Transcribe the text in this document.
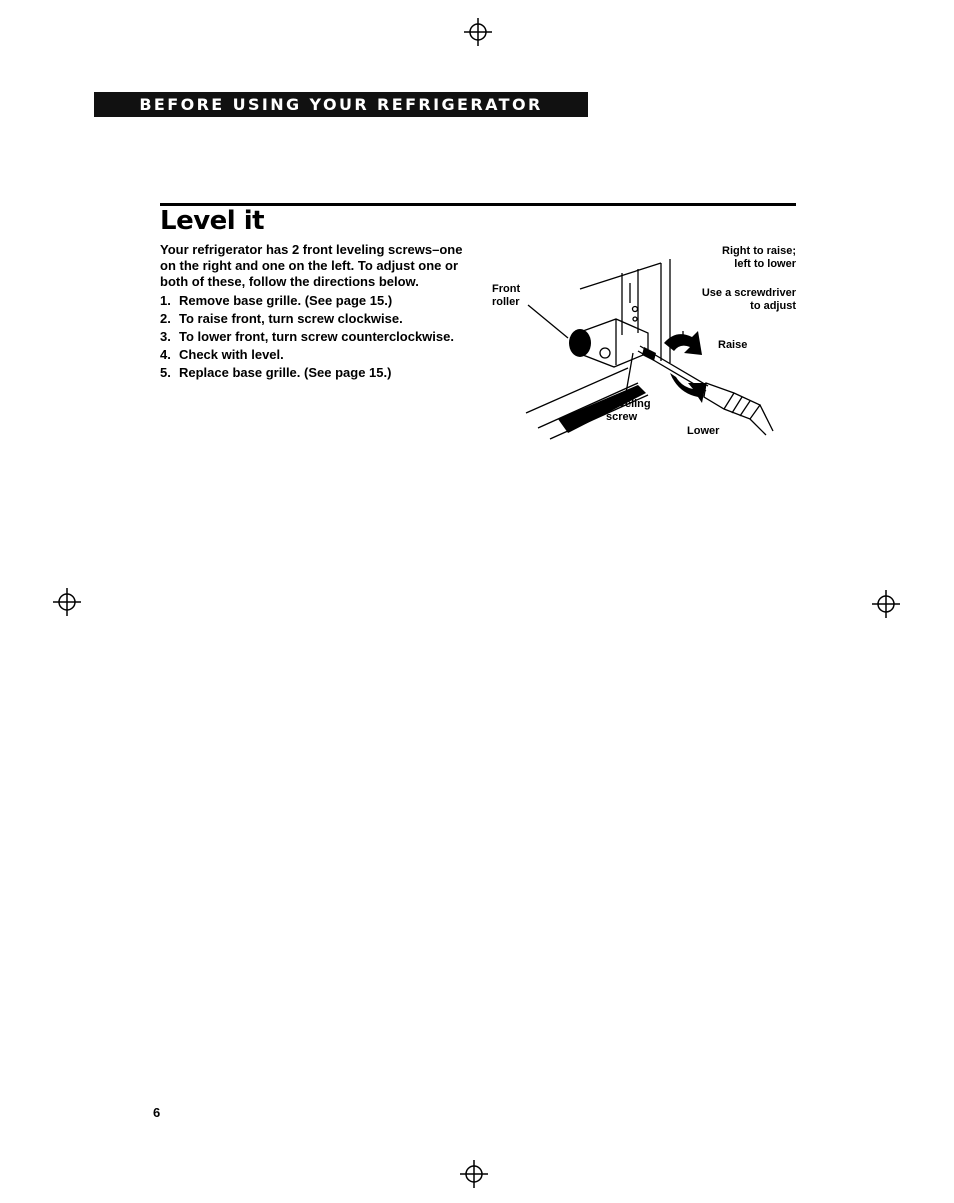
BEFORE USING YOUR REFRIGERATOR
Level it
Your refrigerator has 2 front leveling screws–one on the right and one on the left. To adjust one or both of these, follow the directions below.
1. Remove base grille. (See page 15.)
2. To raise front, turn screw clockwise.
3. To lower front, turn screw counterclockwise.
4. Check with level.
5. Replace base grille. (See page 15.)
Front
roller
Right to raise;
left to lower
Use a screwdriver
to adjust
Raise
Leveling
screw
Lower
6
